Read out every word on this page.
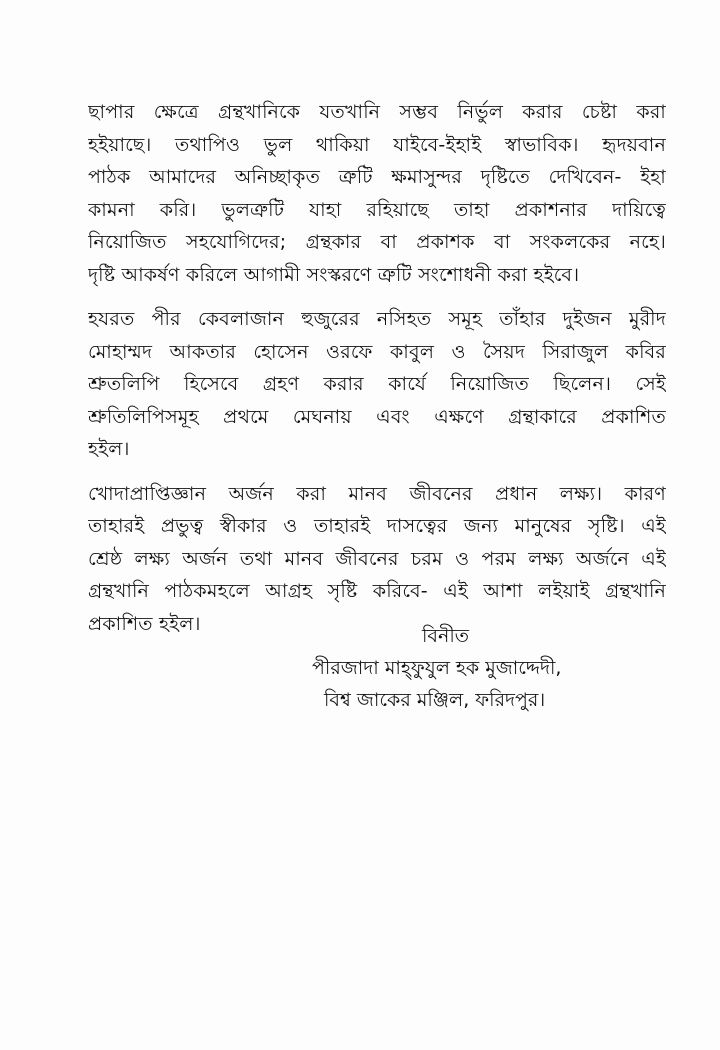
ছাপার ক্ষেত্রে গ্রন্থখানিকে যতখানি সম্ভব নির্ভুল করার চেষ্টা করা
হইয়াছে। তথাপিও ভুল থাকিয়া যাইবে-ইহাই স্বাভাবিক। হৃদয়বান
পাঠক আমাদের অনিচ্ছাকৃত ত্রুটি ক্ষমাসুন্দর দৃষ্টিতে দেখিবেন- ইহা
কামনা করি। ভুলত্রুটি যাহা রহিয়াছে তাহা প্রকাশনার দায়িত্বে
নিয়োজিত সহযোগিদের; গ্রন্থকার বা প্রকাশক বা সংকলকের নহে।
দৃষ্টি আকর্ষণ করিলে আগামী সংস্করণে ত্রুটি সংশোধনী করা হইবে।
হযরত পীর কেবলাজান হুজুরের নসিহত সমূহ তাঁহার দুইজন মুরীদ
মোহাম্মদ আকতার হোসেন ওরফে কাবুল ও সৈয়দ সিরাজুল কবির
শ্রুতলিপি হিসেবে গ্রহণ করার কার্যে নিয়োজিত ছিলেন। সেই
শ্রুতিলিপিসমূহ প্রথমে মেঘনায় এবং এক্ষণে গ্রন্থাকারে প্রকাশিত
হইল।
খোদাপ্রাপ্তিজ্ঞান অর্জন করা মানব জীবনের প্রধান লক্ষ্য। কারণ
তাহারই প্রভুত্ব স্বীকার ও তাহারই দাসত্বের জন্য মানুষের সৃষ্টি। এই
শ্রেষ্ঠ লক্ষ্য অর্জন তথা মানব জীবনের চরম ও পরম লক্ষ্য অর্জনে এই
গ্রন্থখানি পাঠকমহলে আগ্রহ সৃষ্টি করিবে- এই আশা লইয়াই গ্রন্থখানি
প্রকাশিত হইল।
বিনীত
পীরজাদা মাহ্ফুযুল হক মুজাদ্দেদী,
বিশ্ব জাকের মঞ্জিল, ফরিদপুর।
